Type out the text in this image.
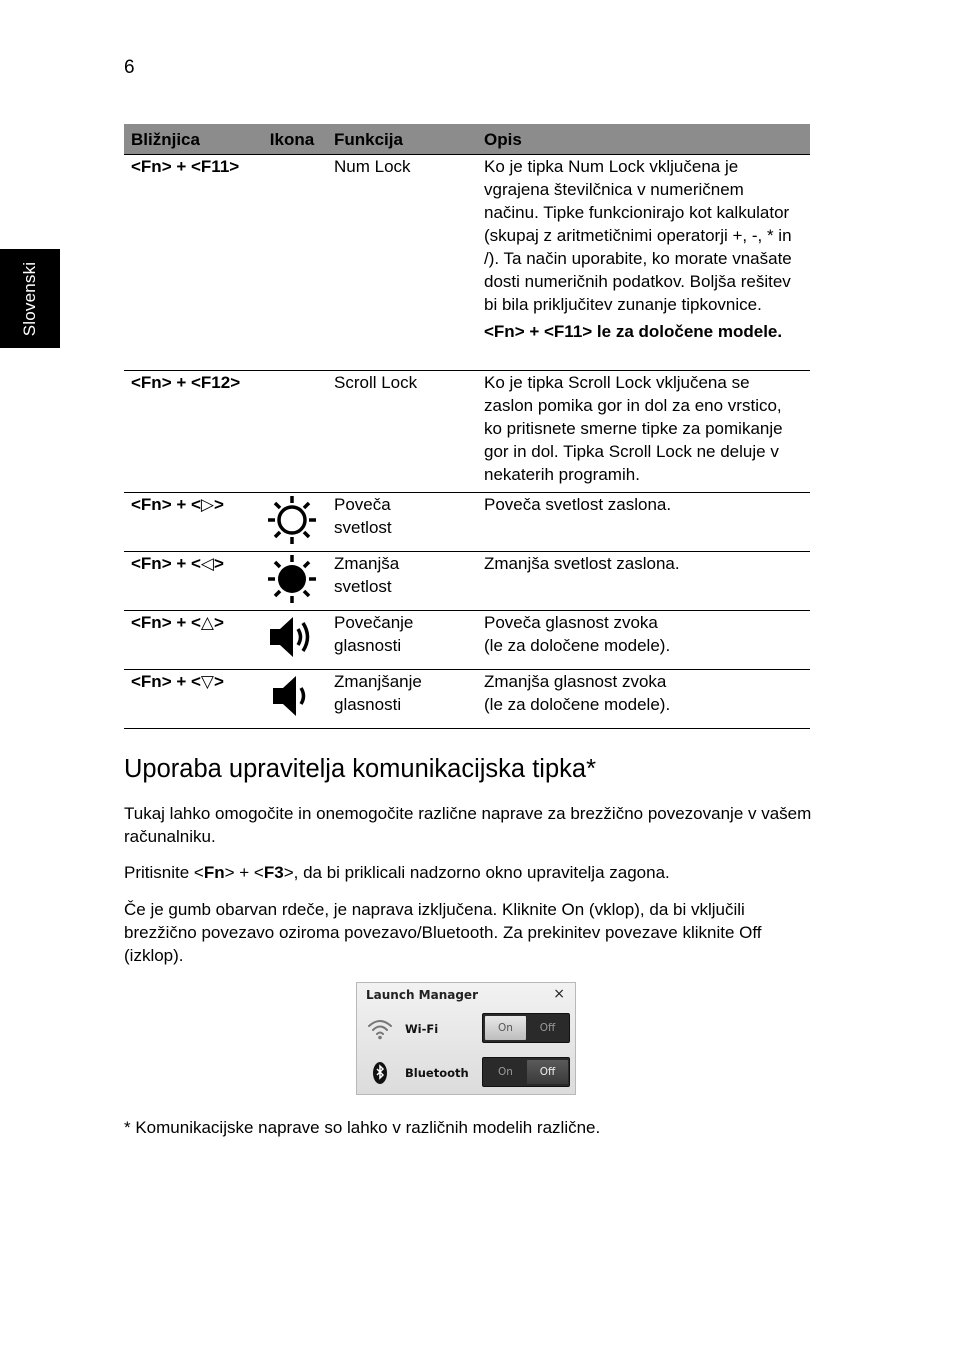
6
Slovenski
Bližnjica	Ikona	Funkcija	Opis
<Fn> + <F11>		Num Lock	Ko je tipka Num Lock vključena je vgrajena številčnica v numeričnem načinu. Tipke funkcionirajo kot kalkulator (skupaj z aritmetičnimi operatorji +, -, * in /). Ta način uporabite, ko morate vnašate dosti numeričnih podatkov. Boljša rešitev bi bila priključitev zunanje tipkovnice.
<Fn> + <F11> le za določene modele.

<Fn> + <F12>		Scroll Lock	Ko je tipka Scroll Lock vključena se zaslon pomika gor in dol za eno vrstico, ko pritisnete smerne tipke za pomikanje gor in dol. Tipka Scroll Lock ne deluje v nekaterih programih.
<Fn> + <▷>		Poveča
svetlost	Poveča svetlost zaslona.
<Fn> + <◁>		Zmanjša
svetlost	Zmanjša svetlost zaslona.
<Fn> + <△>		Povečanje
glasnosti	Poveča glasnost zvoka
(le za določene modele).
<Fn> + <▽>		Zmanjšanje
glasnosti	Zmanjša glasnost zvoka
(le za določene modele).
Uporaba upravitelja komunikacijska tipka*

Tukaj lahko omogočite in onemogočite različne naprave za brezžično povezovanje v vašem računalniku.

Pritisnite <Fn> + <F3>, da bi priklicali nadzorno okno upravitelja zagona.

Če je gumb obarvan rdeče, je naprava izključena. Kliknite On (vklop), da bi vključili brezžično povezavo oziroma povezavo/Bluetooth. Za prekinitev povezave kliknite Off (izklop).

Launch Manager	×
Wi-Fi	On	Off
Bluetooth	On	Off

* Komunikacijske naprave so lahko v različnih modelih različne.
